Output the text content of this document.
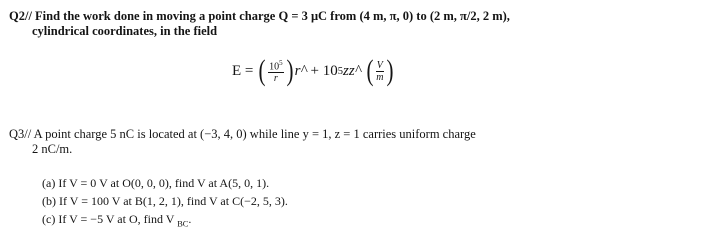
Q2// Find the work done in moving a point charge Q = 3 μC from (4 m, π, 0) to (2 m, π/2, 2 m),
cylindrical coordinates, in the field
E =
( $\frac{10^5}{r}$ ) r^
+
10 5 zz^
( $\frac{V}{m}$ )
Q3// A point charge 5 nC is located at (−3, 4, 0) while line y = 1, z = 1 carries uniform charge
2 nC/m.
(a) If V = 0 V at O(0, 0, 0), find V at A(5, 0, 1).
(b) If V = 100 V at B(1, 2, 1), find V at C(−2, 5, 3).
(c) If V = −5 V at O, find V $_{BC}$.
